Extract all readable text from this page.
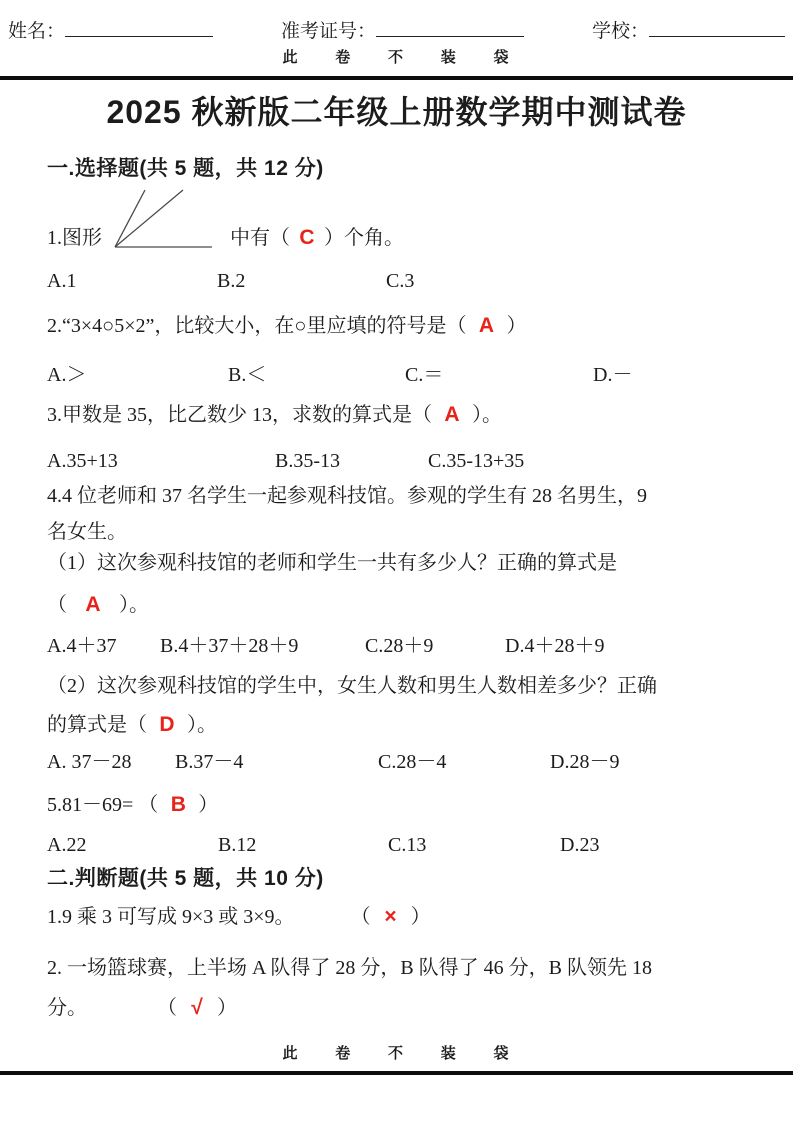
姓名：	准考证号：	学校：
此 卷 不 装 袋
2025 秋新版二年级上册数学期中测试卷
一.选择题(共 5 题，共 12 分)
1.图形	中有（ C ）个角。
A.1	B.2	C.3
2.“3×4○5×2”，比较大小，在○里应填的符号是（ A ）
A.＞	B.＜	C.＝	D.－
3.甲数是 35，比乙数少 13，求数的算式是（ A ）。
A.35+13	B.35-13	C.35-13+35
4.4 位老师和 37 名学生一起参观科技馆。参观的学生有 28 名男生，9
名女生。
（1）这次参观科技馆的老师和学生一共有多少人？正确的算式是
（ A ）。
A.4＋37	B.4＋37＋28＋9	C.28＋9	D.4＋28＋9
（2）这次参观科技馆的学生中，女生人数和男生人数相差多少？正确
的算式是（ D ）。
A. 37－28	B.37－4	C.28－4	D.28－9
5.81－69= （ B ）
A.22	B.12	C.13	D.23
二.判断题(共 5 题，共 10 分)
1.9 乘 3 可写成 9×3 或 3×9。	（ × ）
2. 一场篮球赛，上半场 A 队得了 28 分，B 队得了 46 分，B 队领先 18
分。	（ √ ）
此 卷 不 装 袋
